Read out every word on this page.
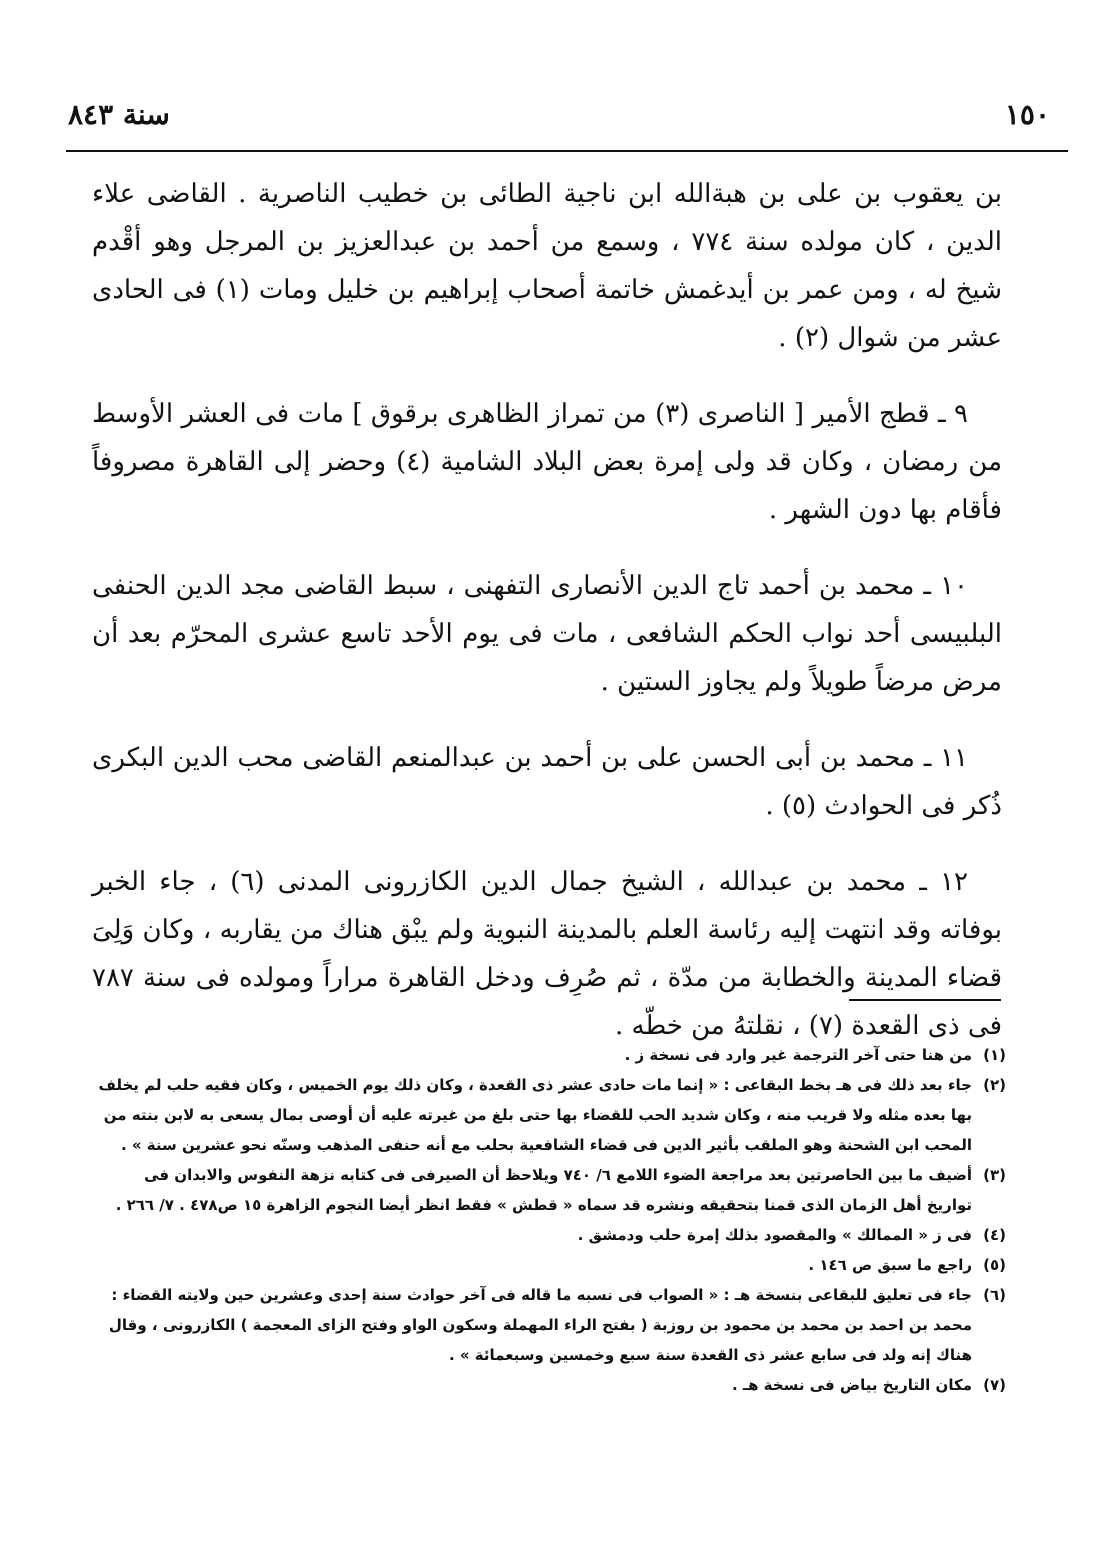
١٥٠
سنة ٨٤٣

بن يعقوب بن على بن هبةالله ابن ناجية الطائى بن خطيب الناصرية . القاضى علاء الدين ، كان مولده سنة ٧٧٤ ، وسمع من أحمد بن عبدالعزيز بن المرجل وهو أقْدم شيخ له ، ومن عمر بن أيدغمش خاتمة أصحاب إبراهيم بن خليل ومات (١) فى الحادى عشر من شوال (٢) .

٩ ـ قطج الأمير [ الناصرى (٣) من تمراز الظاهرى برقوق ] مات فى العشر الأوسط من رمضان ، وكان قد ولى إمرة بعض البلاد الشامية (٤) وحضر إلى القاهرة مصروفاً فأقام بها دون الشهر .

١٠ ـ محمد بن أحمد تاج الدين الأنصارى التفهنى ، سبط القاضى مجد الدين الحنفى البلبيسى أحد نواب الحكم الشافعى ، مات فى يوم الأحد تاسع عشرى المحرّم بعد أن مرض مرضاً طويلاً ولم يجاوز الستين .

١١ ـ محمد بن أبى الحسن على بن أحمد بن عبدالمنعم القاضى محب الدين البكرى ذُكر فى الحوادث (٥) .

١٢ ـ محمد بن عبدالله ، الشيخ جمال الدين الكازرونى المدنى (٦) ، جاء الخبر بوفاته وقد انتهت إليه رئاسة العلم بالمدينة النبوية ولم يبْق هناك من يقاربه ، وكان وَلِىَ قضاء المدينة والخطابة من مدّة ، ثم صُرِف ودخل القاهرة مراراً ومولده فى سنة ٧٨٧ فى ذى القعدة (٧) ، نقلتهُ من خطّه .

(١)
من هنا حتى آخر الترجمة غير وارد فى نسخة ز .

(٢)
جاء بعد ذلك فى هـ بخط البقاعى : « إنما مات حادى عشر ذى القعدة ، وكان ذلك يوم الخميس ، وكان فقيه حلب لم يخلف بها بعده مثله ولا قريب منه ، وكان شديد الحب للقضاء بها حتى بلغ من غيرته عليه أن أوصى بمال يسعى به لابن بنته من المحب ابن الشحنة وهو الملقب بأثير الدين فى قضاء الشافعية بحلب مع أنه حنفى المذهب وسنّه نحو عشرين سنة » .

(٣)
أضيف ما بين الحاصرتين بعد مراجعة الضوء اللامع ٦/ ٧٤٠ ويلاحظ أن الصيرفى فى كتابه نزهة النفوس والابدان فى تواريخ أهل الزمان الذى قمنا بتحقيقه ونشره قد سماه « قطش » فقط انظر أيضا النجوم الزاهرة ١٥ ص٤٧٨ . ٧/ ٢٦٦ .

(٤)
فى ز « الممالك » والمقصود بذلك إمرة حلب ودمشق .

(٥)
راجع ما سبق ص ١٤٦ .

(٦)
جاء فى تعليق للبقاعى بنسخة هـ : « الصواب فى نسبه ما قاله فى آخر حوادث سنة إحدى وعشرين حين ولايته القضاء : محمد بن احمد بن محمد بن محمود بن روزبة ( بفتح الراء المهملة وسكون الواو وفتح الزاى المعجمة ) الكازرونى ، وقال هناك إنه ولد فى سابع عشر ذى القعدة سنة سبع وخمسين وسبعمائة » .

(٧)
مكان التاريخ بياض فى نسخة هـ .
